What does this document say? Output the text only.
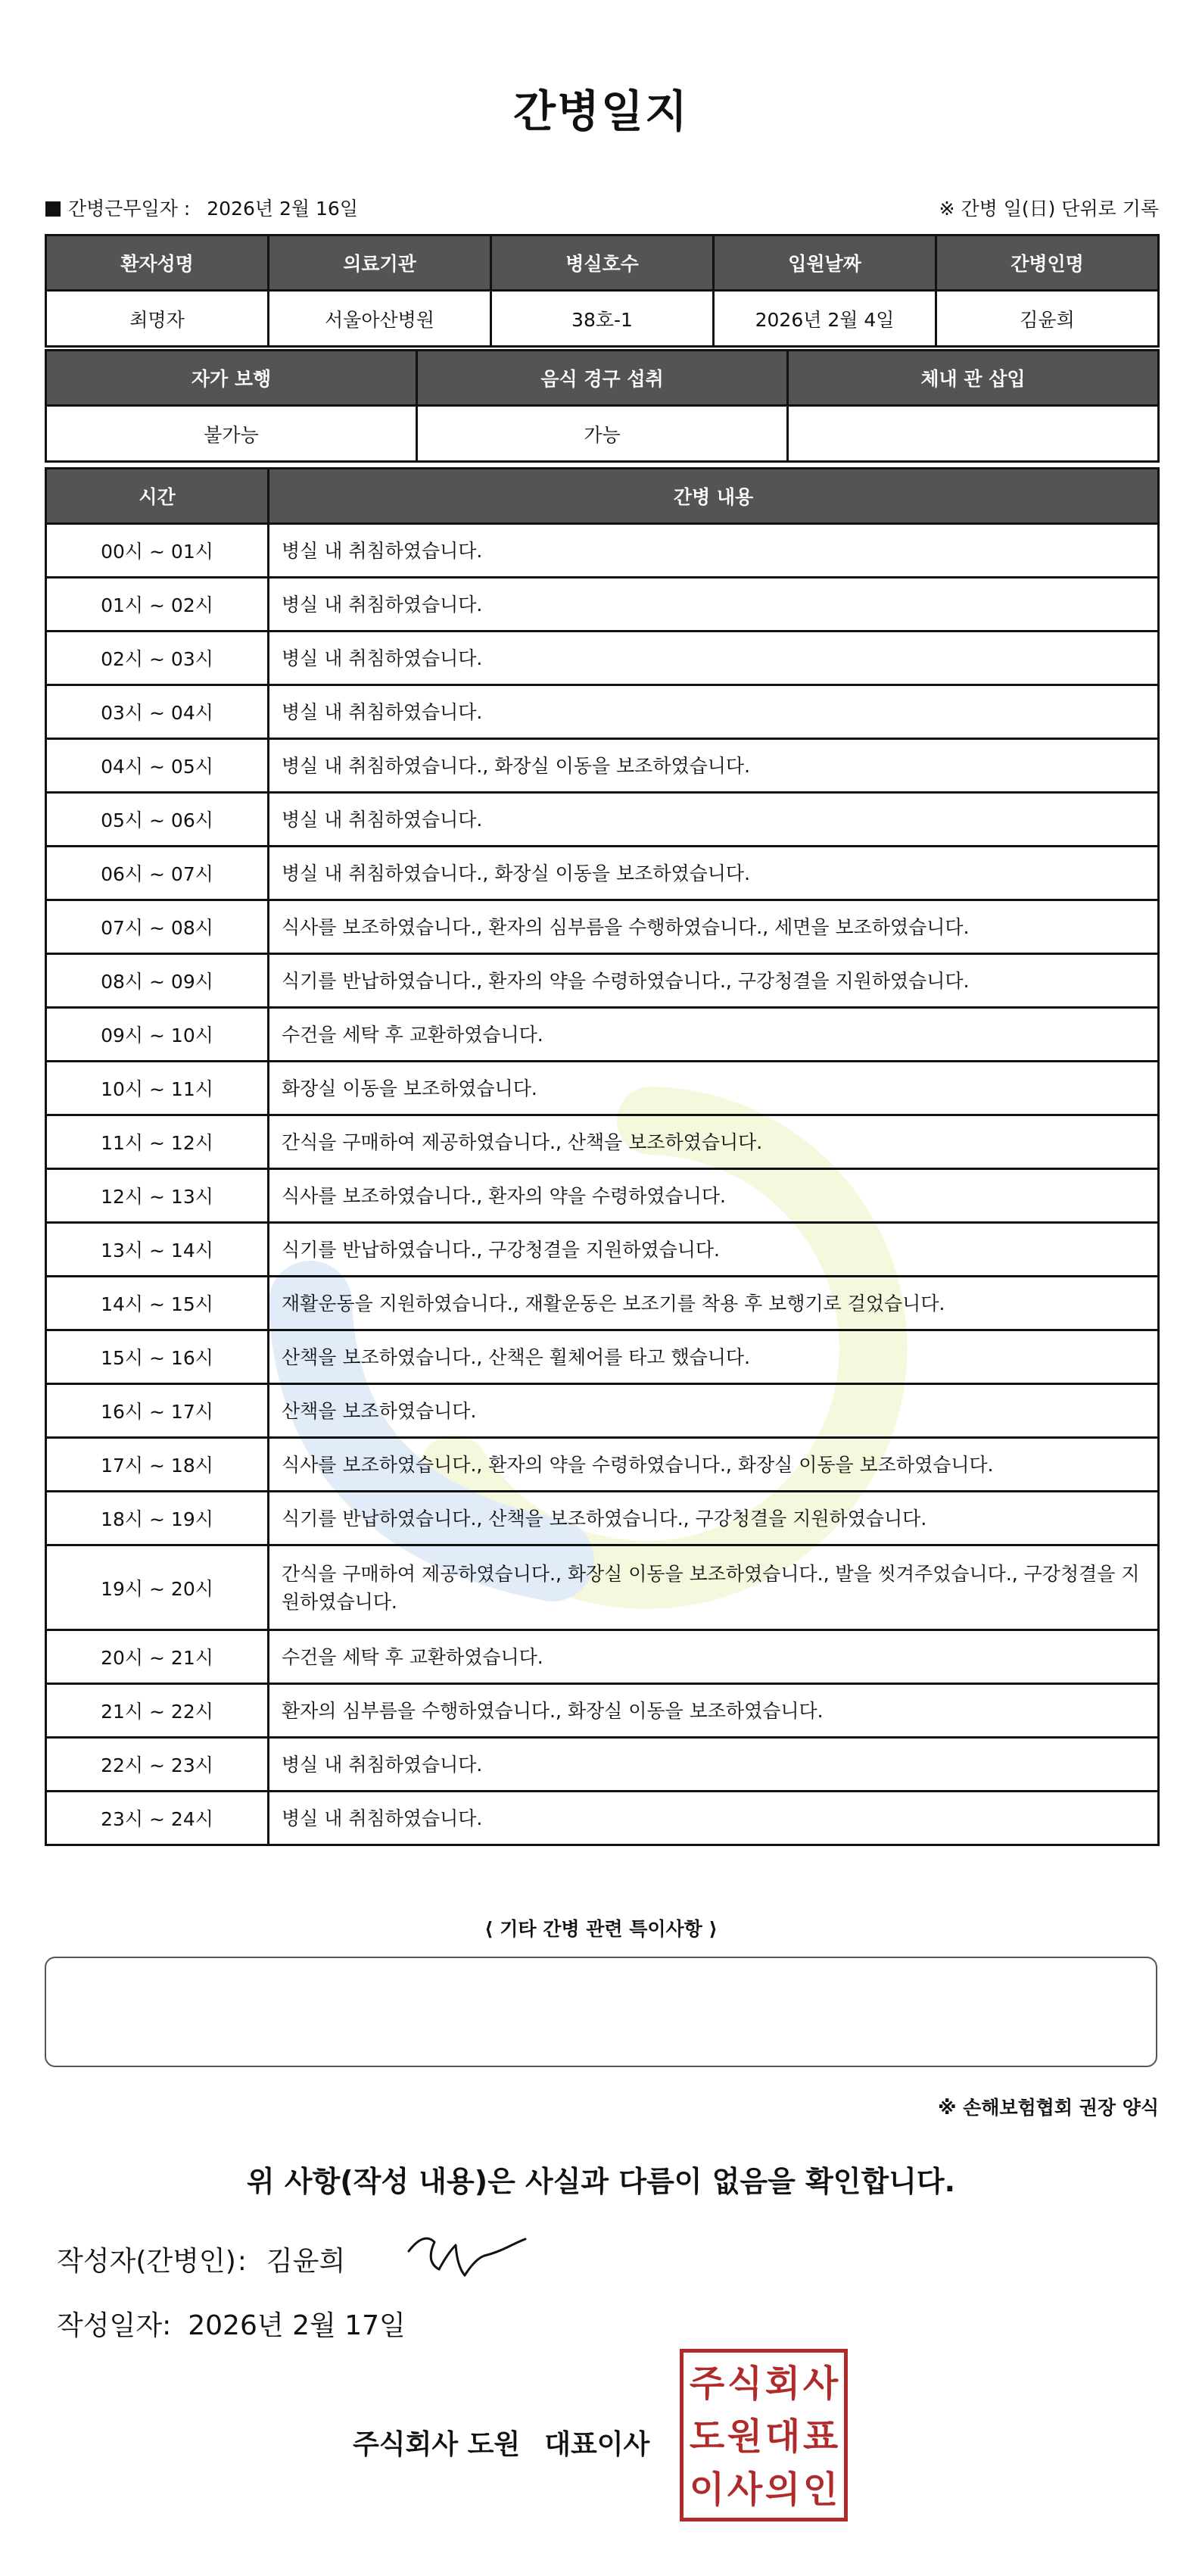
간병일지
간병근무일자 : 2026년 2월 16일	※ 간병 일(日) 단위로 기록
환자성명	의료기관	병실호수	입원날짜	간병인명
최명자	서울아산병원	38호-1	2026년 2월 4일	김윤희
자가 보행	음식 경구 섭취	체내 관 삽입
불가능	가능	
시간	간병 내용
00시 ~ 01시	병실 내 취침하였습니다.
01시 ~ 02시	병실 내 취침하였습니다.
02시 ~ 03시	병실 내 취침하였습니다.
03시 ~ 04시	병실 내 취침하였습니다.
04시 ~ 05시	병실 내 취침하였습니다., 화장실 이동을 보조하였습니다.
05시 ~ 06시	병실 내 취침하였습니다.
06시 ~ 07시	병실 내 취침하였습니다., 화장실 이동을 보조하였습니다.
07시 ~ 08시	식사를 보조하였습니다., 환자의 심부름을 수행하였습니다., 세면을 보조하였습니다.
08시 ~ 09시	식기를 반납하였습니다., 환자의 약을 수령하였습니다., 구강청결을 지원하였습니다.
09시 ~ 10시	수건을 세탁 후 교환하였습니다.
10시 ~ 11시	화장실 이동을 보조하였습니다.
11시 ~ 12시	간식을 구매하여 제공하였습니다., 산책을 보조하였습니다.
12시 ~ 13시	식사를 보조하였습니다., 환자의 약을 수령하였습니다.
13시 ~ 14시	식기를 반납하였습니다., 구강청결을 지원하였습니다.
14시 ~ 15시	재활운동을 지원하였습니다., 재활운동은 보조기를 착용 후 보행기로 걸었습니다.
15시 ~ 16시	산책을 보조하였습니다., 산책은 휠체어를 타고 했습니다.
16시 ~ 17시	산책을 보조하였습니다.
17시 ~ 18시	식사를 보조하였습니다., 환자의 약을 수령하였습니다., 화장실 이동을 보조하였습니다.
18시 ~ 19시	식기를 반납하였습니다., 산책을 보조하였습니다., 구강청결을 지원하였습니다.
19시 ~ 20시	간식을 구매하여 제공하였습니다., 화장실 이동을 보조하였습니다., 발을 씻겨주었습니다., 구강청결을 지원하였습니다.
20시 ~ 21시	수건을 세탁 후 교환하였습니다.
21시 ~ 22시	환자의 심부름을 수행하였습니다., 화장실 이동을 보조하였습니다.
22시 ~ 23시	병실 내 취침하였습니다.
23시 ~ 24시	병실 내 취침하였습니다.
⟨ 기타 간병 관련 특이사항 ⟩
※ 손해보험협회 권장 양식
위 사항(작성 내용)은 사실과 다름이 없음을 확인합니다.
작성자(간병인): 김윤희
작성일자: 2026년 2월 17일
주식회사 도원 대표이사
주 식 회 사
도 원 대 표
이 사 의 인
